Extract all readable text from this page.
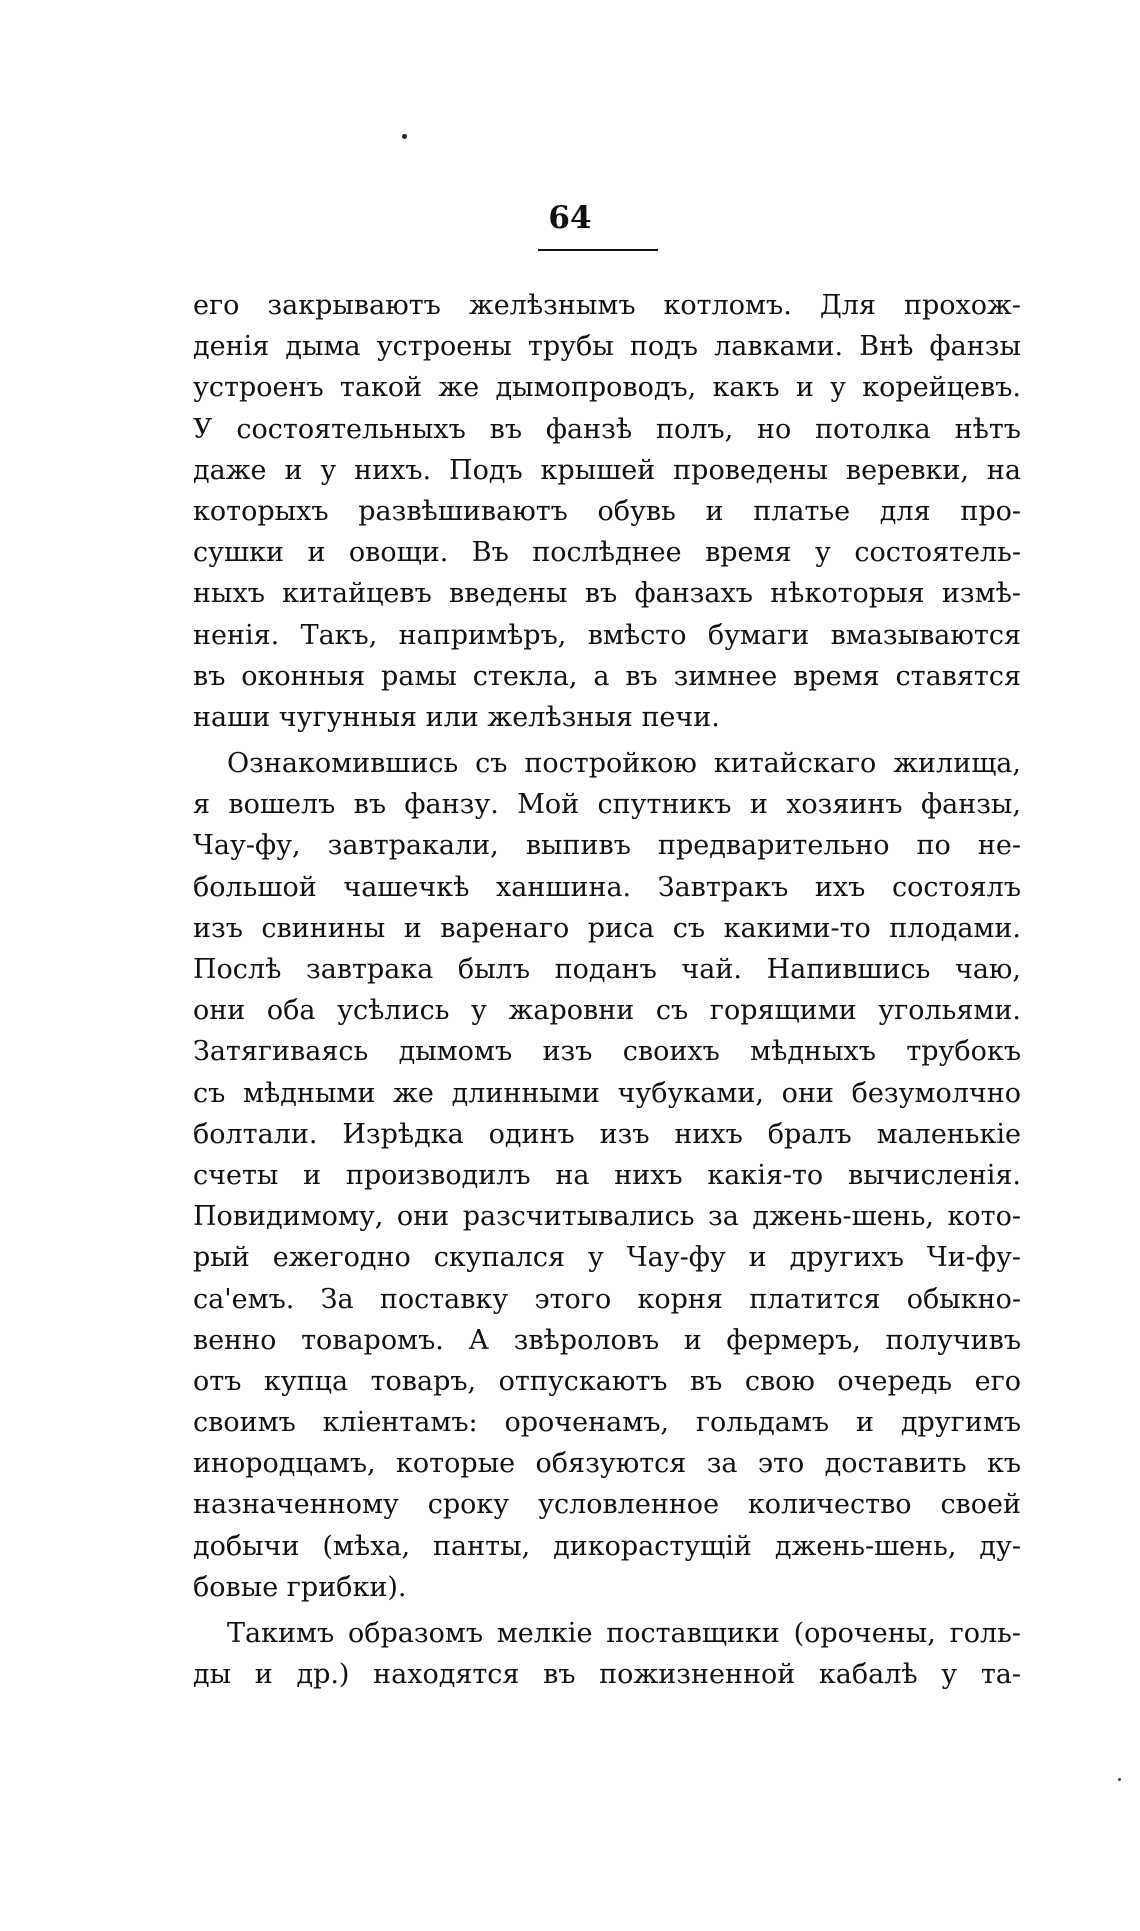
64
его закрываютъ желѣзнымъ котломъ. Для прохож-
денія дыма устроены трубы подъ лавками. Внѣ фанзы
устроенъ такой же дымопроводъ, какъ и у корейцевъ.
У состоятельныхъ въ фанзѣ полъ, но потолка нѣтъ
даже и у нихъ. Подъ крышей проведены веревки, на
которыхъ развѣшиваютъ обувь и платье для про-
сушки и овощи. Въ послѣднее время у состоятель-
ныхъ китайцевъ введены въ фанзахъ нѣкоторыя измѣ-
ненія. Такъ, напримѣръ, вмѣсто бумаги вмазываются
въ оконныя рамы стекла, а въ зимнее время ставятся
наши чугунныя или желѣзныя печи.
Ознакомившись съ постройкою китайскаго жилища,
я вошелъ въ фанзу. Мой спутникъ и хозяинъ фанзы,
Чау-фу, завтракали, выпивъ предварительно по не-
большой чашечкѣ ханшина. Завтракъ ихъ состоялъ
изъ свинины и варенаго риса съ какими-то плодами.
Послѣ завтрака былъ поданъ чай. Напившись чаю,
они оба усѣлись у жаровни съ горящими угольями.
Затягиваясь дымомъ изъ своихъ мѣдныхъ трубокъ
съ мѣдными же длинными чубуками, они безумолчно
болтали. Изрѣдка одинъ изъ нихъ бралъ маленькіе
счеты и производилъ на нихъ какія-то вычисленія.
Повидимому, они разсчитывались за джень-шень, кото-
рый ежегодно скупался у Чау-фу и другихъ Чи-фу-
са'емъ. За поставку этого корня платится обыкно-
венно товаромъ. А звѣроловъ и фермеръ, получивъ
отъ купца товаръ, отпускаютъ въ свою очередь его
своимъ кліентамъ: ороченамъ, гольдамъ и другимъ
инородцамъ, которые обязуются за это доставить къ
назначенному сроку условленное количество своей
добычи (мѣха, панты, дикорастущій джень-шень, ду-
бовые грибки).
Такимъ образомъ мелкіе поставщики (орочены, голь-
ды и др.) находятся въ пожизненной кабалѣ у та-
